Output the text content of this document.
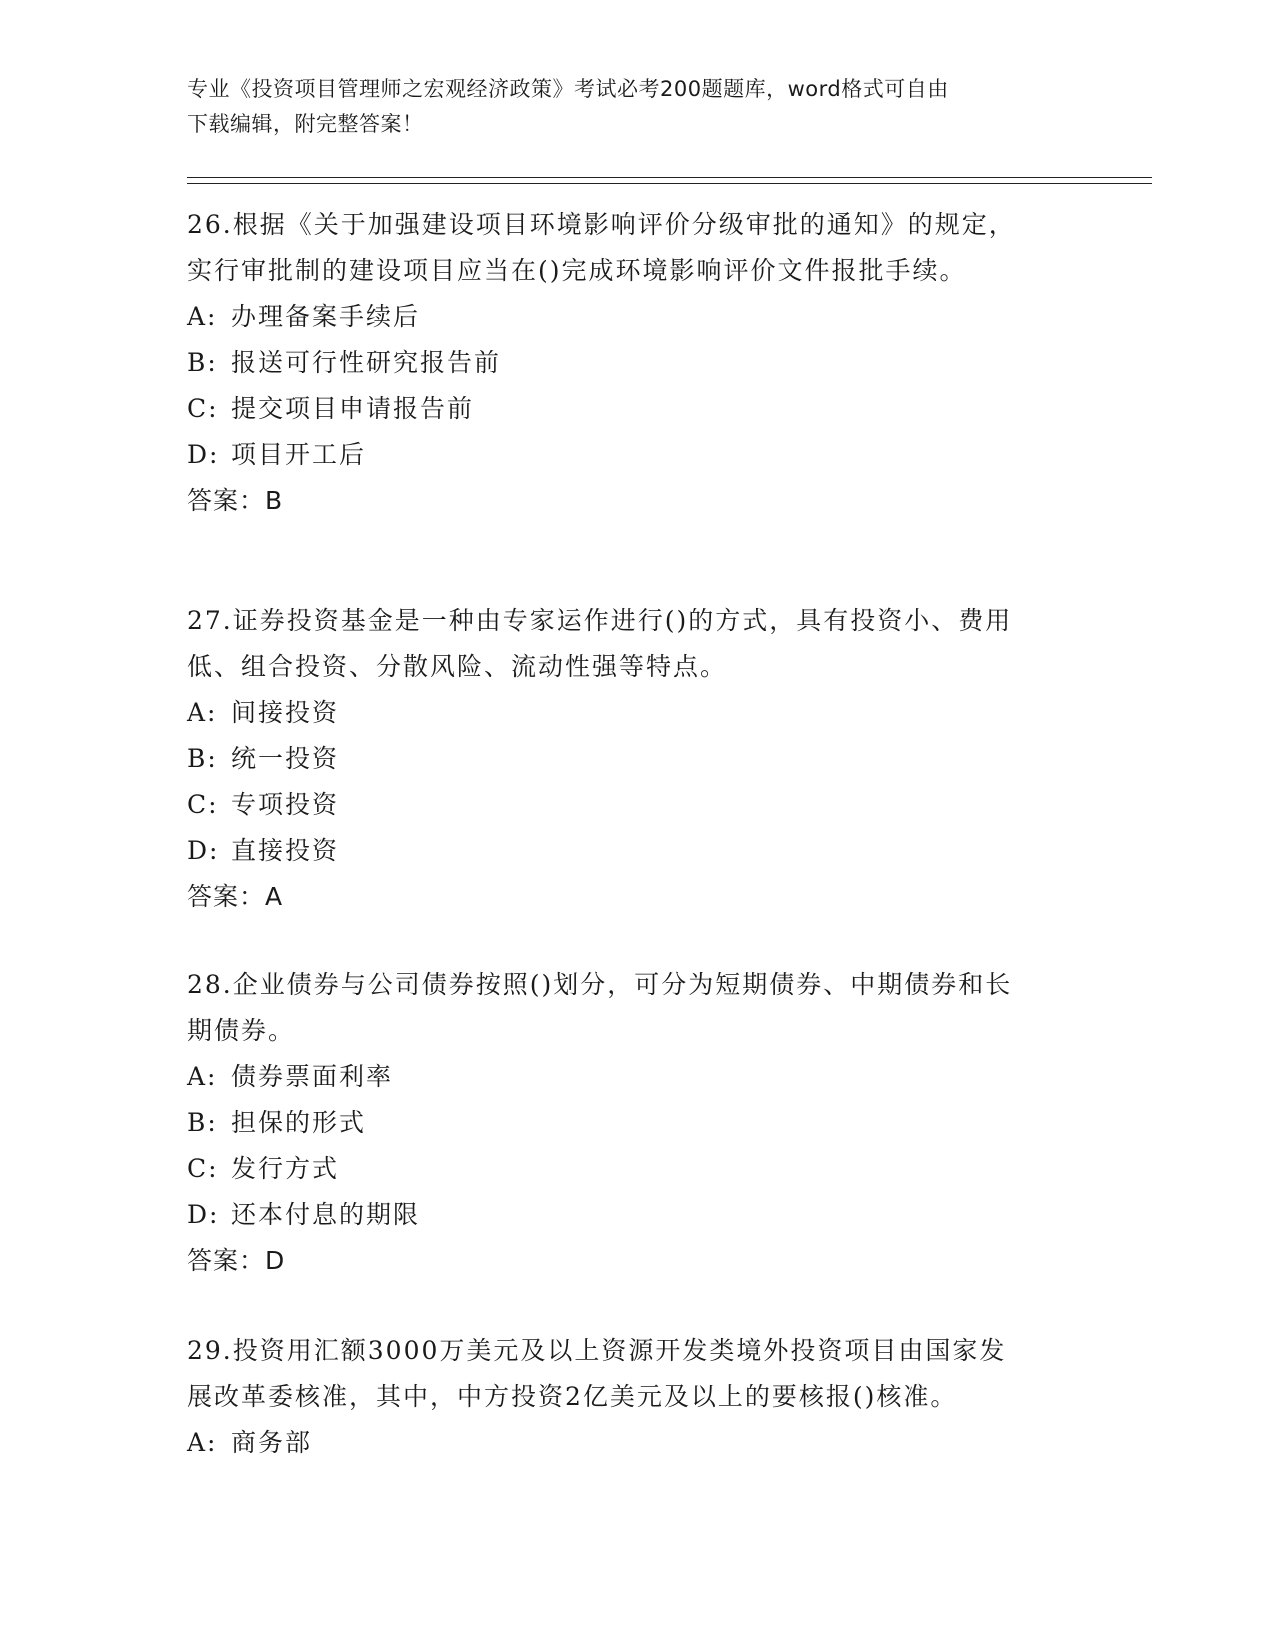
专业《投资项目管理师之宏观经济政策》考试必考200题题库，word格式可自由
下载编辑，附完整答案！

26.根据《关于加强建设项目环境影响评价分级审批的通知》的规定，

实行审批制的建设项目应当在()完成环境影响评价文件报批手续。

A: 办理备案手续后

B: 报送可行性研究报告前

C: 提交项目申请报告前

D: 项目开工后

答案：B

27.证券投资基金是一种由专家运作进行()的方式，具有投资小、费用

低、组合投资、分散风险、流动性强等特点。

A: 间接投资

B: 统一投资

C: 专项投资

D: 直接投资

答案：A

28.企业债券与公司债券按照()划分，可分为短期债券、中期债券和长

期债券。

A: 债券票面利率

B: 担保的形式

C: 发行方式

D: 还本付息的期限

答案：D

29.投资用汇额3000万美元及以上资源开发类境外投资项目由国家发

展改革委核准，其中，中方投资2亿美元及以上的要核报()核准。

A: 商务部
